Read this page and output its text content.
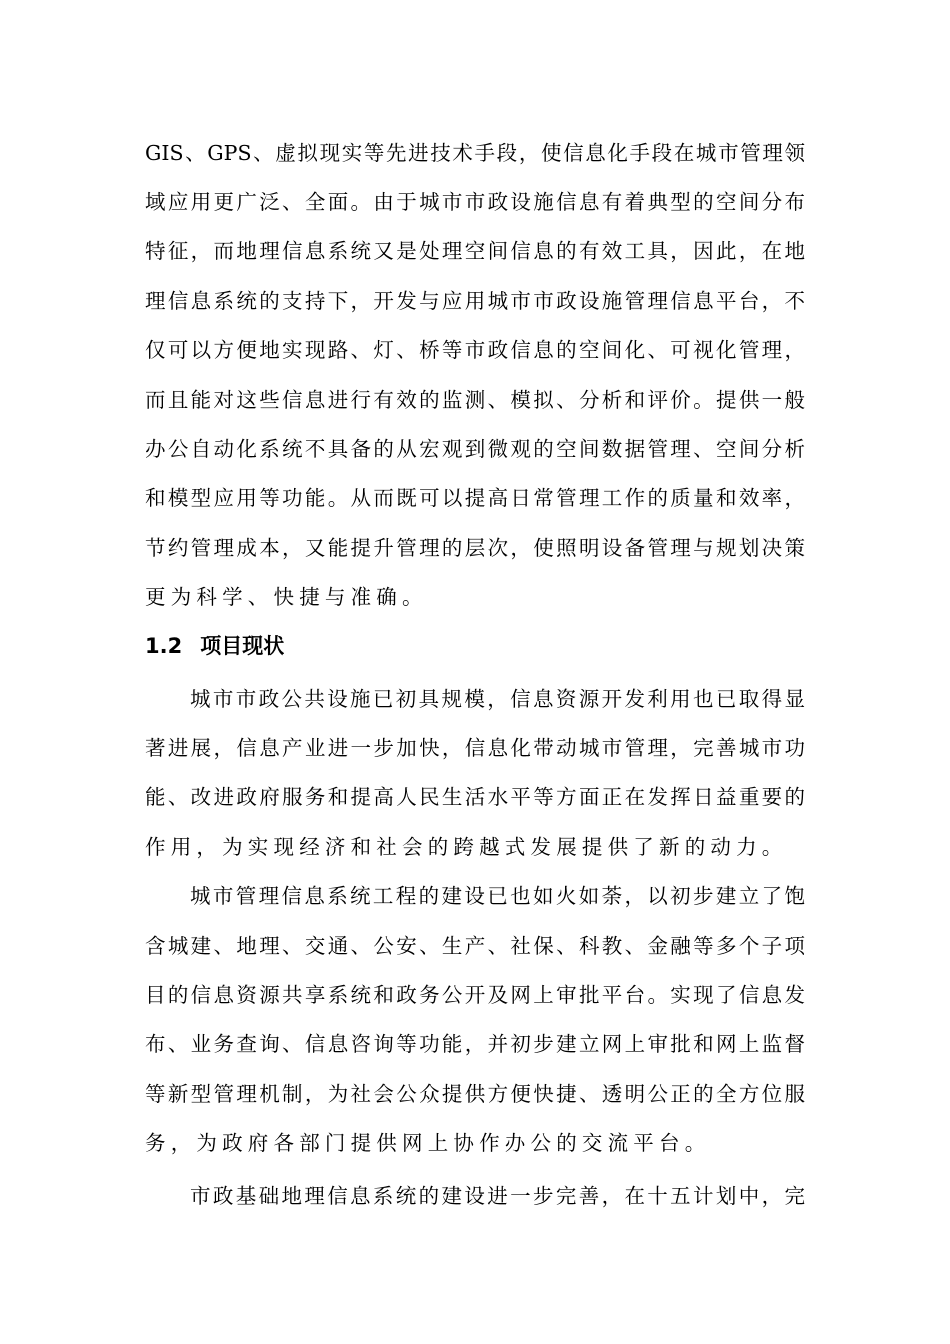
GIS、GPS、虚拟现实等先进技术手段，使信息化手段在城市管理领
域应用更广泛、全面。由于城市市政设施信息有着典型的空间分布
特征，而地理信息系统又是处理空间信息的有效工具，因此，在地
理信息系统的支持下，开发与应用城市市政设施管理信息平台，不
仅可以方便地实现路、灯、桥等市政信息的空间化、可视化管理，
而且能对这些信息进行有效的监测、模拟、分析和评价。提供一般
办公自动化系统不具备的从宏观到微观的空间数据管理、空间分析
和模型应用等功能。从而既可以提高日常管理工作的质量和效率，
节约管理成本，又能提升管理的层次，使照明设备管理与规划决策
更为科学、快捷与准确。
1.2 项目现状
城市市政公共设施已初具规模，信息资源开发利用也已取得显
著进展，信息产业进一步加快，信息化带动城市管理，完善城市功
能、改进政府服务和提高人民生活水平等方面正在发挥日益重要的
作用，为实现经济和社会的跨越式发展提供了新的动力。
城市管理信息系统工程的建设已也如火如荼，以初步建立了饱
含城建、地理、交通、公安、生产、社保、科教、金融等多个子项
目的信息资源共享系统和政务公开及网上审批平台。实现了信息发
布、业务查询、信息咨询等功能，并初步建立网上审批和网上监督
等新型管理机制，为社会公众提供方便快捷、透明公正的全方位服
务，为政府各部门提供网上协作办公的交流平台。
市政基础地理信息系统的建设进一步完善，在十五计划中，完
